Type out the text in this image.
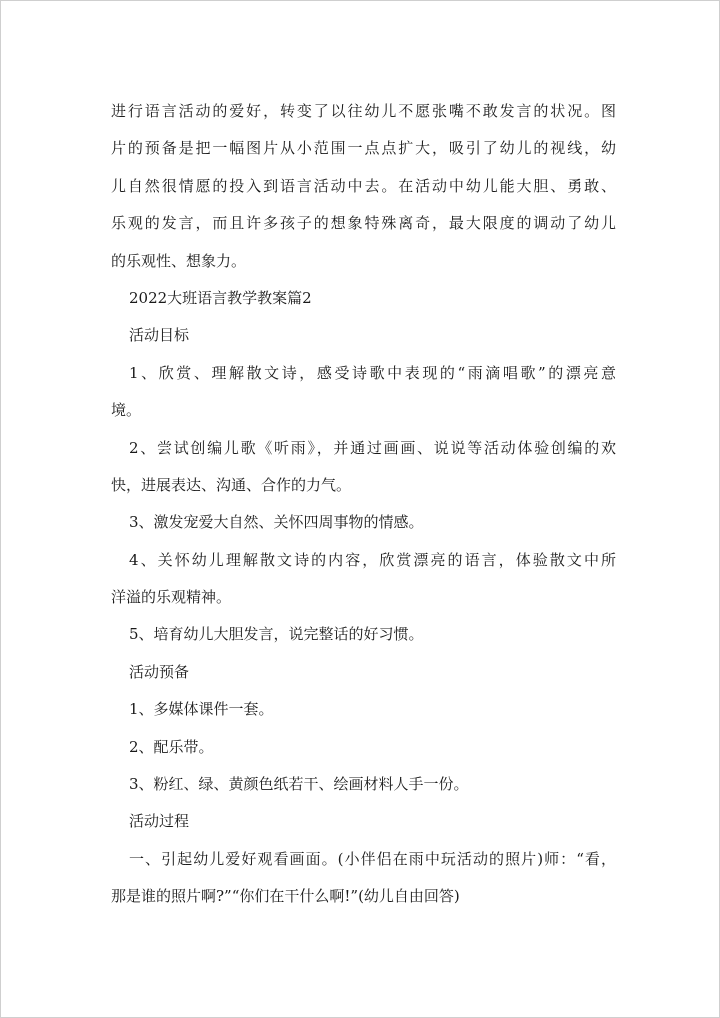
进行语言活动的爱好，转变了以往幼儿不愿张嘴不敢发言的状况。图
片的预备是把一幅图片从小范围一点点扩大，吸引了幼儿的视线，幼
儿自然很情愿的投入到语言活动中去。在活动中幼儿能大胆、勇敢、
乐观的发言，而且许多孩子的想象特殊离奇，最大限度的调动了幼儿
的乐观性、想象力。
2022大班语言教学教案篇2
活动目标
1、欣赏、理解散文诗，感受诗歌中表现的“雨滴唱歌”的漂亮意
境。
2、尝试创编儿歌《听雨》，并通过画画、说说等活动体验创编的欢
快，进展表达、沟通、合作的力气。
3、激发宠爱大自然、关怀四周事物的情感。
4、关怀幼儿理解散文诗的内容，欣赏漂亮的语言，体验散文中所
洋溢的乐观精神。
5、培育幼儿大胆发言，说完整话的好习惯。
活动预备
1、多媒体课件一套。
2、配乐带。
3、粉红、绿、黄颜色纸若干、绘画材料人手一份。
活动过程
一、引起幼儿爱好观看画面。(小伴侣在雨中玩活动的照片)师：“看，
那是谁的照片啊?”“你们在干什么啊!”(幼儿自由回答)
